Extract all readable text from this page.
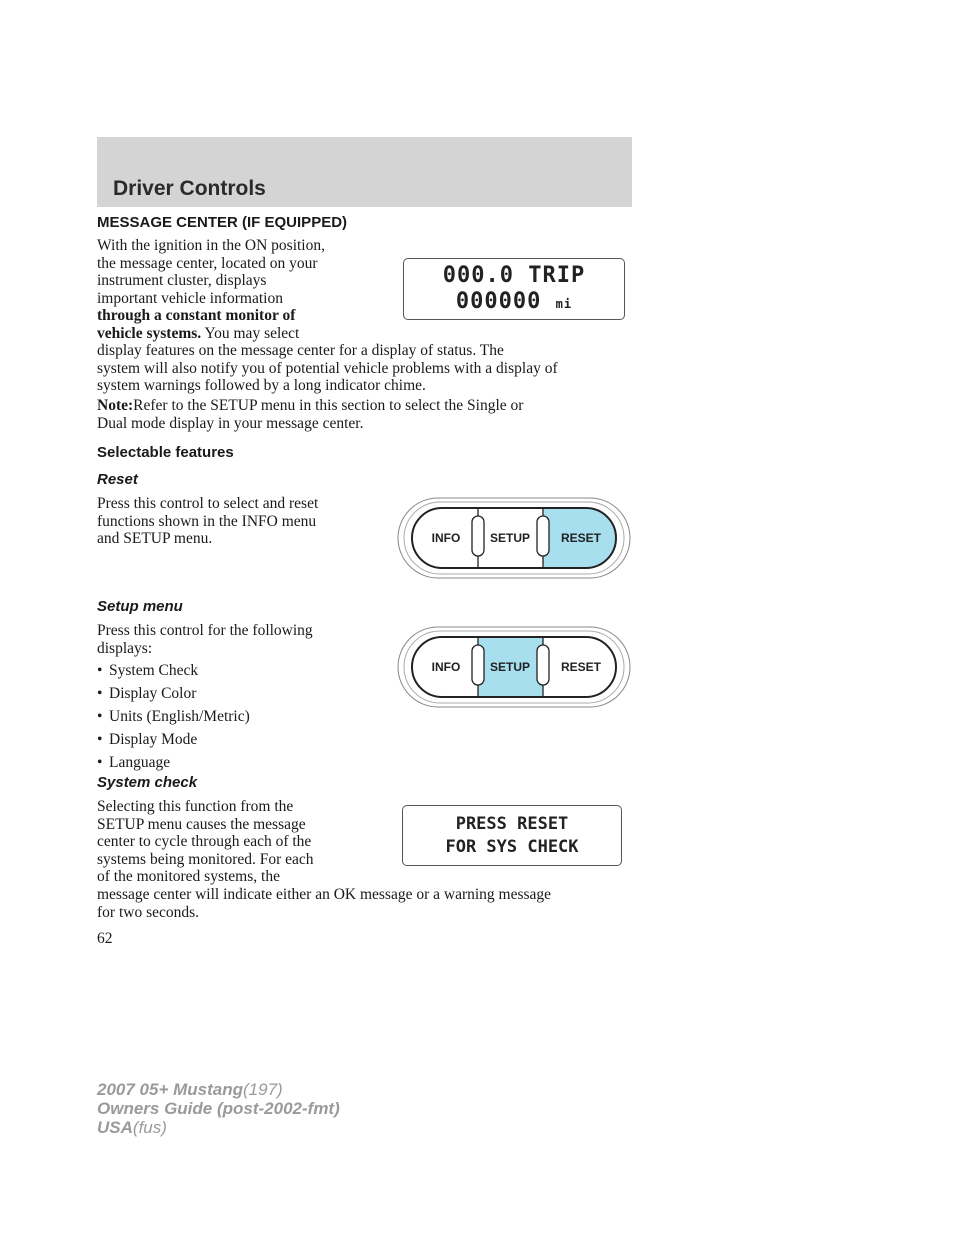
Driver Controls
MESSAGE CENTER (IF EQUIPPED)
With the ignition in the ON position,
the message center, located on your
instrument cluster, displays
important vehicle information
through a constant monitor of
vehicle systems. You may select
display features on the message center for a display of status. The
system will also notify you of potential vehicle problems with a display of
system warnings followed by a long indicator chime.
000.0 TRIP
000000 mi
Note:Refer to the SETUP menu in this section to select the Single or
Dual mode display in your message center.
Selectable features
Reset
Press this control to select and reset
functions shown in the INFO menu
and SETUP menu.	INFO SETUP	RESET
Setup menu
Press this control for the following
displays:
• System Check
• Display Color
• Units (English/Metric)
• Display Mode
• Language
INFO SETUP	RESET
System check
Selecting this function from the
SETUP menu causes the message
center to cycle through each of the
systems being monitored. For each
of the monitored systems, the
message center will indicate either an OK message or a warning message
for two seconds.
PRESS RESET
FOR SYS CHECK
62
2007 05+ Mustang(197)
Owners Guide (post-2002-fmt)
USA(fus)
